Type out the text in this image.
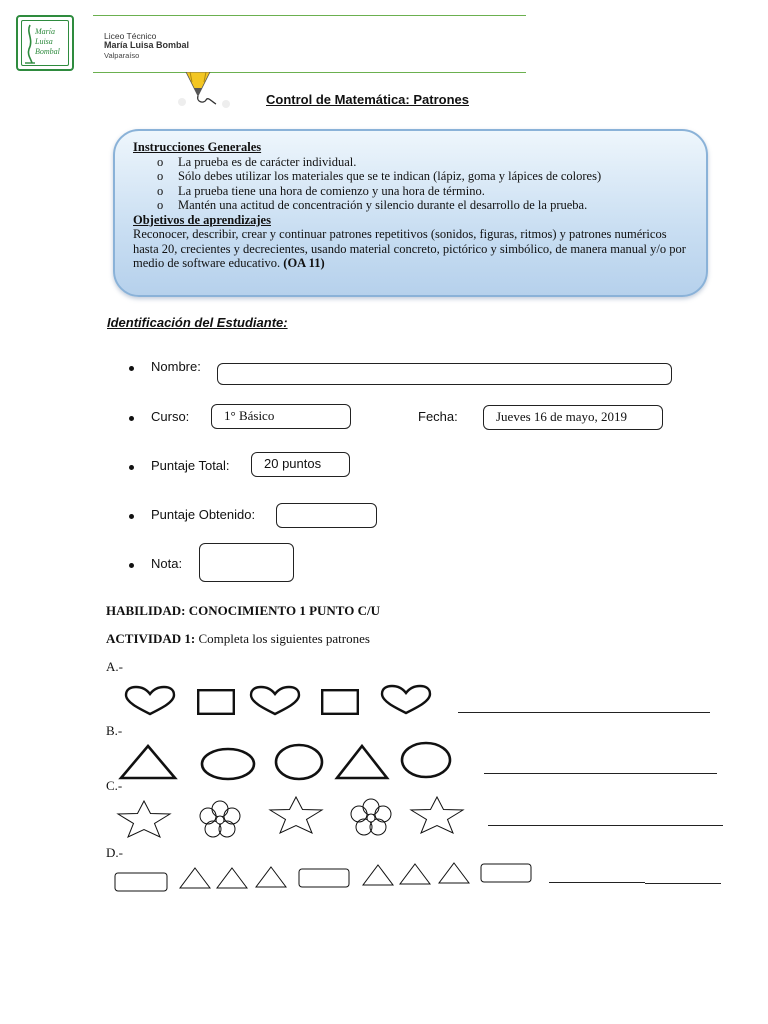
María
Luisa
Bombal
Liceo Técnico
María Luisa Bombal
Valparaíso
Control de Matemática: Patrones
Instrucciones Generales
o	La prueba es de carácter individual.
o	Sólo debes utilizar los materiales que se te indican (lápiz, goma y lápices de colores)
o	La prueba tiene una hora de comienzo y una hora de término.
o	Mantén una actitud de concentración y silencio durante el desarrollo de la prueba.
Objetivos de aprendizajes
Reconocer, describir, crear y continuar patrones repetitivos (sonidos, figuras, ritmos) y patrones numéricos hasta 20, crecientes y decrecientes, usando material concreto, pictórico y simbólico, de manera manual y/o por medio de software educativo. (OA 11)
Identificación del Estudiante:
Nombre:
Curso:	1° Básico	Fecha:	Jueves 16 de mayo, 2019
Puntaje Total:	20 puntos
Puntaje Obtenido:
Nota:
HABILIDAD: CONOCIMIENTO 1 PUNTO C/U
ACTIVIDAD 1: Completa los siguientes patrones
A.-
B.-
C.-
D.-
